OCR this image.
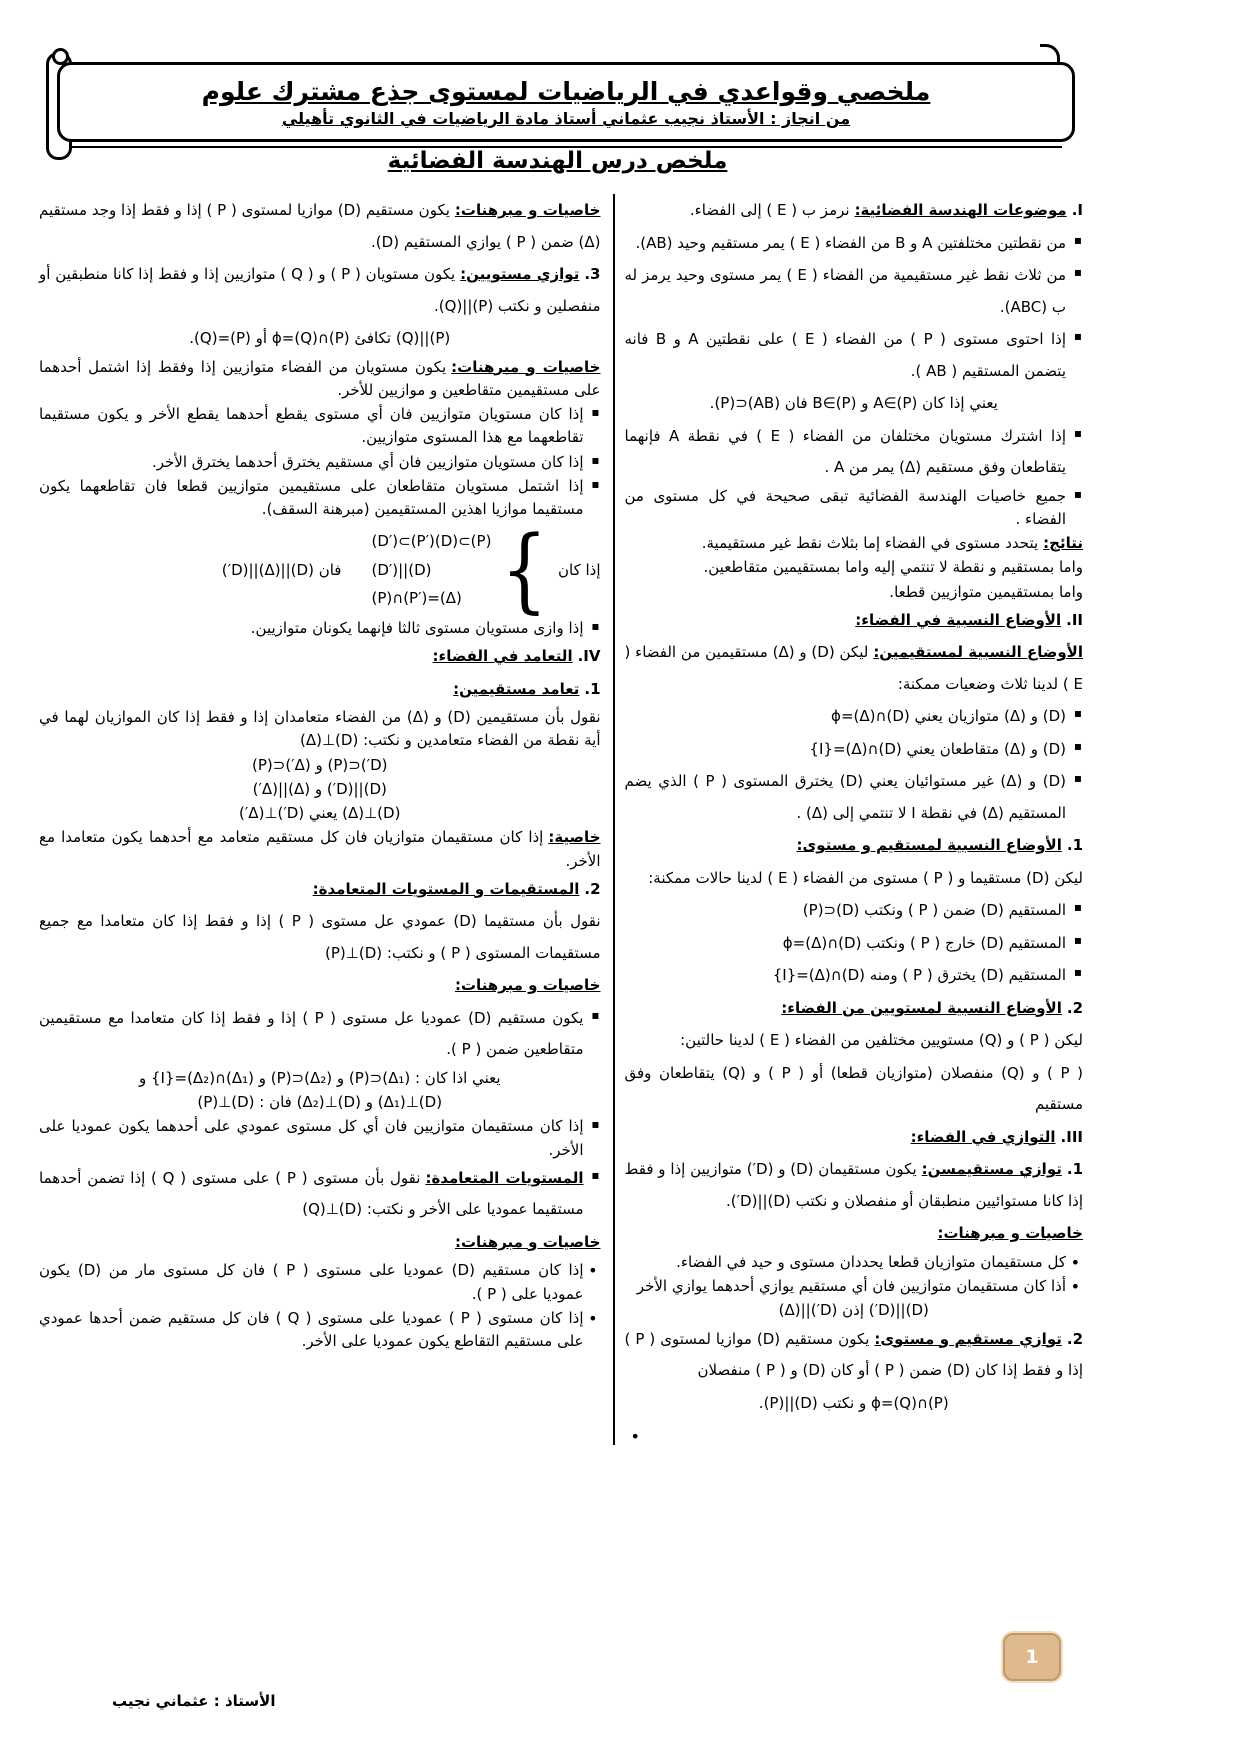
ملخصي وقواعدي في الرياضيات لمستوى جذع مشترك علوم
من انجاز : الأستاذ نجيب عثماني أستاذ مادة الرياضيات في الثانوي تأهيلي
ملخص درس الهندسة الفضائية
I.موضوعات الهندسة الفضائية:نرمز ب ( E ) إلى الفضاء.
▪ من نقطتين مختلفتين A و B من الفضاء ( E ) يمر مستقيم وحيد (AB).
▪ من ثلاث نقط غير مستقيمية من الفضاء ( E ) يمر مستوى وحيد يرمز له ب (ABC).
▪ إذا احتوى مستوى ( P ) من الفضاء ( E ) على نقطتين A و B فانه يتضمن المستقيم ( AB ).
يعني إذا كان A∈(P) و B∈(P) فان (AB)⊂(P).
▪ إذا اشترك مستويان مختلفان من الفضاء ( E ) في نقطة A فإنهما يتقاطعان وفق مستقيم (Δ) يمر من A .
▪ جميع خاصيات الهندسة الفضائية تبقى صحيحة في كل مستوى من الفضاء .
نتائج:يتحدد مستوى في الفضاء إما بثلاث نقط غير مستقيمية.
واما بمستقيم و نقطة لا تنتمي إليه واما بمستقيمين متقاطعين.
واما بمستقيمين متوازيين قطعا.
II.الأوضاع النسبية في الفضاء:
الأوضاع النسبية لمستقيمين:ليكن (D) و (Δ) مستقيمين من الفضاء ( E ) لدينا ثلاث وضعيات ممكنة:
▪ (D) و (Δ) متوازيان يعني (D)∩(Δ)=ϕ
▪ (D) و (Δ) متقاطعان يعني (D)∩(Δ)={I}
▪ (D) و (Δ) غير مستوائيان يعني (D) يخترق المستوى ( P ) الذي يضم المستقيم (Δ) في نقطة I لا تنتمي إلى (Δ) .
1.الأوضاع النسبية لمستقيم و مستوى:
ليكن (D) مستقيما و ( P ) مستوى من الفضاء ( E ) لدينا حالات ممكنة:
▪ المستقيم (D) ضمن ( P ) ونكتب (D)⊂(P)
▪ المستقيم (D) خارج ( P ) ونكتب (D)∩(Δ)=ϕ
▪ المستقيم (D) يخترق ( P ) ومنه (D)∩(Δ)={I}
2.الأوضاع النسبية لمستويين من الفضاء:
ليكن ( P ) و (Q) مستويين مختلفين من الفضاء ( E ) لدينا حالتين:
( P ) و (Q) منفصلان (متوازيان قطعا) أو ( P ) و (Q) يتقاطعان وفق مستقيم
III.التوازي في الفضاء:
1.توازي مستقيمسن:يكون مستقيمان (D) و (D′) متوازيين إذا و فقط إذا كانا مستوائيين منطبقان أو منفصلان و نكتب (D)||(D′).
خاصيات و مبرهنات:
• كل مستقيمان متوازيان قطعا يحددان مستوى و حيد في الفضاء.
• أذا كان مستقيمان متوازيين فان أي مستقيم يوازي أحدهما يوازي الأخر
(D)||(D′) إذن (D′)||(Δ)
2.توازي مستقيم و مستوى:يكون مستقيم (D) موازيا لمستوى ( P ) إذا و فقط إذا كان (D) ضمن ( P ) أو كان (D) و ( P ) منفصلان
(P)∩(Q)=ϕ و نكتب (D)||(P).
•
خاصيات و مبرهنات:يكون مستقيم (D) موازيا لمستوى ( P ) إذا و فقط إذا وجد مستقيم (Δ) ضمن ( P ) يوازي المستقيم (D).
3.توازي مستويين:يكون مستويان ( P ) و ( Q ) متوازيين إذا و فقط إذا كانا منطبقين أو منفصلين و نكتب (P)||(Q).
(P)||(Q) تكافئ (P)∩(Q)=ϕ أو (P)=(Q).
خاصيات و مبرهنات:يكون مستويان من الفضاء متوازيين إذا وفقط إذا اشتمل أحدهما على مستقيمين متقاطعين و موازيين للأخر.
▪ إذا كان مستويان متوازيين فان أي مستوى يقطع أحدهما يقطع الأخر و يكون مستقيما تقاطعهما مع هذا المستوى متوازيين.
▪ إذا كان مستويان متوازيين فان أي مستقيم يخترق أحدهما يخترق الأخر.
▪ إذا اشتمل مستويان متقاطعان على مستقيمين متوازيين قطعا فان تقاطعهما يكون مستقيما موازيا اهذين المستقيمين (مبرهنة السقف).
إذا كان
}
(D′)⊂(P′)(D)⊂(P)
(D′)||(D)
(P)∩(P′)=(Δ)
فان (D)||(Δ)||(D′)
▪ إذا وازى مستويان مستوى ثالثا فإنهما يكونان متوازيين.
IV.التعامد في الفضاء:
1.تعامد مستقيمين:
نقول بأن مستقيمين (D) و (Δ) من الفضاء متعامدان إذا و فقط إذا كان الموازيان لهما في أية نقطة من الفضاء متعامدين و نكتب: (D)⊥(Δ)
(D′)⊂(P) و (Δ′)⊂(P)
(D)||(D′) و (Δ)||(Δ′)
(D)⊥(Δ) يعني (D′)⊥(Δ′)
خاصية:إذا كان مستقيمان متوازيان فان كل مستقيم متعامد مع أحدهما يكون متعامدا مع الأخر.
2.المستقيمات و المستويات المتعامدة:
نقول بأن مستقيما (D) عمودي عل مستوى ( P ) إذا و فقط إذا كان متعامدا مع جميع مستقيمات المستوى ( P ) و نكتب: (D)⊥(P)
خاصيات و مبرهنات:
▪ يكون مستقيم (D) عموديا عل مستوى ( P ) إذا و فقط إذا كان متعامدا مع مستقيمين متقاطعين ضمن ( P ).
يعني اذا كان : (Δ₁)⊂(P) و (Δ₂)⊂(P) و (Δ₁)∩(Δ₂)={I} و
(D)⊥(Δ₁) و (D)⊥(Δ₂) فان : (D)⊥(P)
▪ إذا كان مستقيمان متوازيين فان أي كل مستوى عمودي على أحدهما يكون عموديا على الأخر.
▪ المستويات المتعامدة:نقول بأن مستوى ( P ) على مستوى ( Q ) إذا تضمن أحدهما مستقيما عموديا على الأخر و نكتب: (D)⊥(Q)
خاصيات و مبرهنات:
• إذا كان مستقيم (D) عموديا على مستوى ( P ) فان كل مستوى مار من (D) يكون عموديا على ( P ).
• إذا كان مستوى ( P ) عموديا على مستوى ( Q ) فان كل مستقيم ضمن أحدها عمودي على مستقيم التقاطع يكون عموديا على الأخر.
1
الأستاذ : عثماني نجيب
